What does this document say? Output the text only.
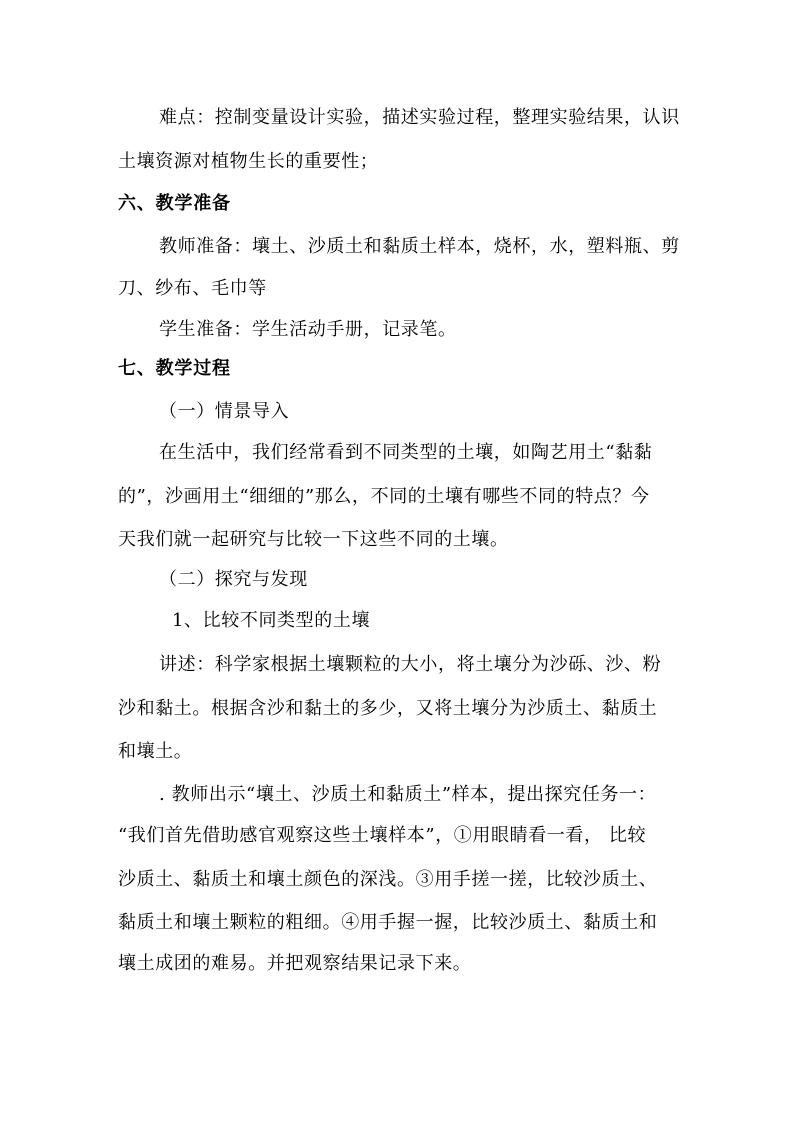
难点：控制变量设计实验，描述实验过程，整理实验结果，认识
土壤资源对植物生长的重要性；
六、教学准备
教师准备：壤土、沙质土和黏质土样本，烧杯，水，塑料瓶、剪
刀、纱布、毛巾等
学生准备：学生活动手册，记录笔。
七、教学过程
（一）情景导入
在生活中，我们经常看到不同类型的土壤，如陶艺用土“黏黏
的”，沙画用土“细细的”那么，不同的土壤有哪些不同的特点？今
天我们就一起研究与比较一下这些不同的土壤。
（二）探究与发现
1、比较不同类型的土壤
讲述：科学家根据土壤颗粒的大小，将土壤分为沙砾、沙、粉
沙和黏土。根据含沙和黏土的多少，又将土壤分为沙质土、黏质土
和壤土。
. 教师出示“壤土、沙质土和黏质土”样本，提出探究任务一：
“我们首先借助感官观察这些土壤样本”，①用眼睛看一看， 比较
沙质土、黏质土和壤土颜色的深浅。③用手搓一搓，比较沙质土、
黏质土和壤土颗粒的粗细。④用手握一握，比较沙质土、黏质土和
壤土成团的难易。并把观察结果记录下来。
